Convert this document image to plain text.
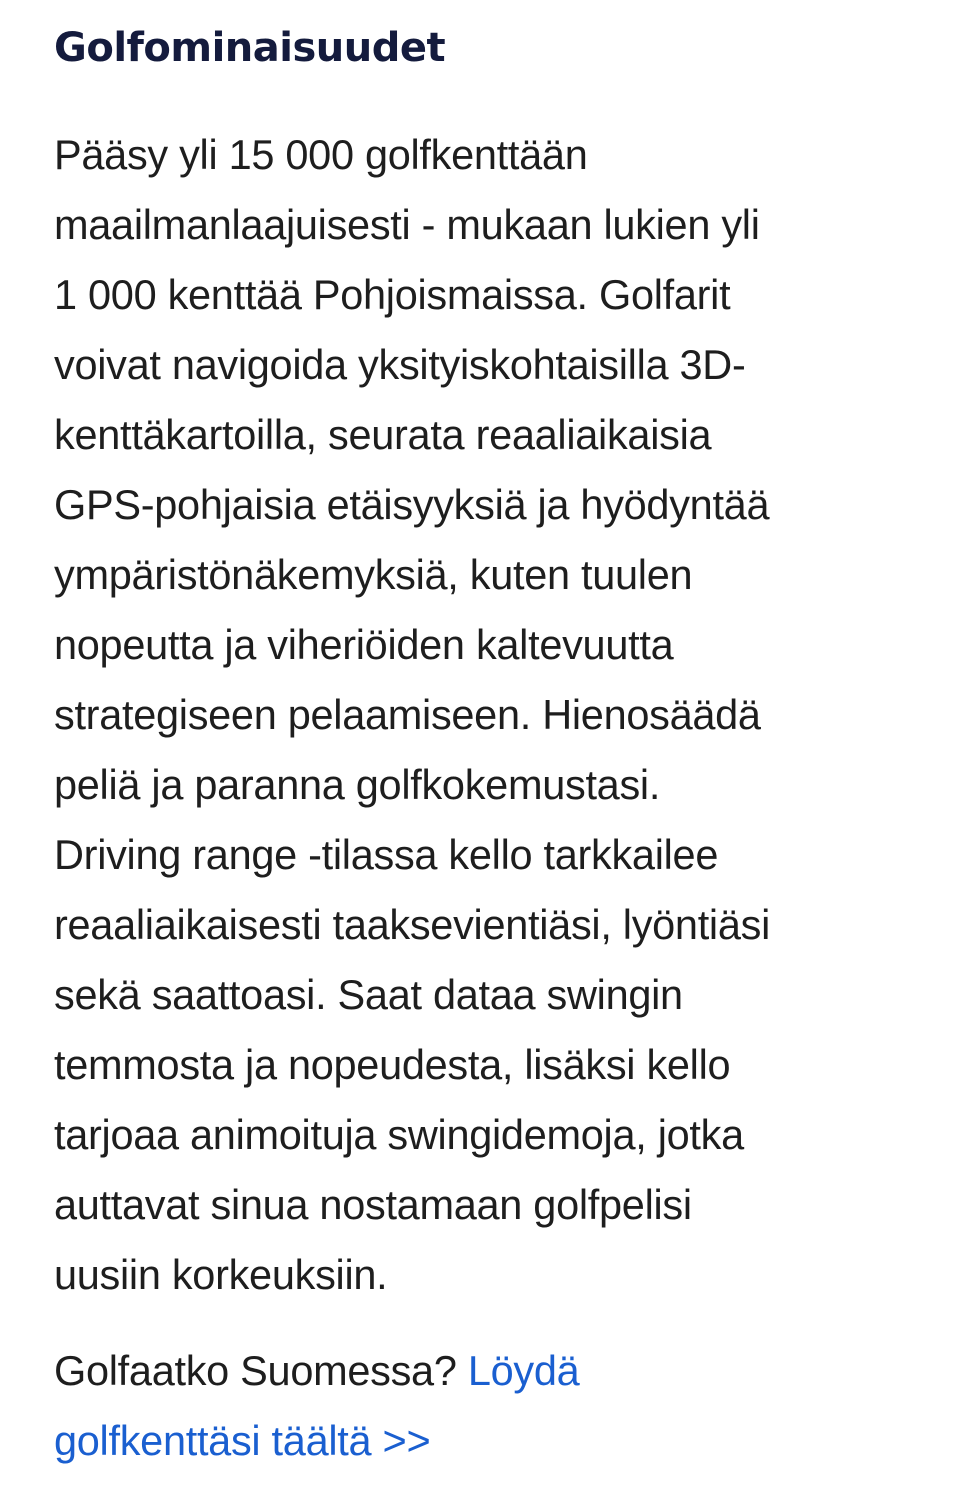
Golfominaisuudet

Pääsy yli 15 000 golfkenttään
maailmanlaajuisesti - mukaan lukien yli
1 000 kenttää Pohjoismaissa. Golfarit
voivat navigoida yksityiskohtaisilla 3D-
kenttäkartoilla, seurata reaaliaikaisia
GPS-pohjaisia etäisyyksiä ja hyödyntää
ympäristönäkemyksiä, kuten tuulen
nopeutta ja viheriöiden kaltevuutta
strategiseen pelaamiseen. Hienosäädä
peliä ja paranna golfkokemustasi.
Driving range -tilassa kello tarkkailee
reaaliaikaisesti taaksevientiäsi, lyöntiäsi
sekä saattoasi. Saat dataa swingin
temmosta ja nopeudesta, lisäksi kello
tarjoaa animoituja swingidemoja, jotka
auttavat sinua nostamaan golfpelisi
uusiin korkeuksiin.

Golfaatko Suomessa? Löydä
golfkenttäsi täältä >>
